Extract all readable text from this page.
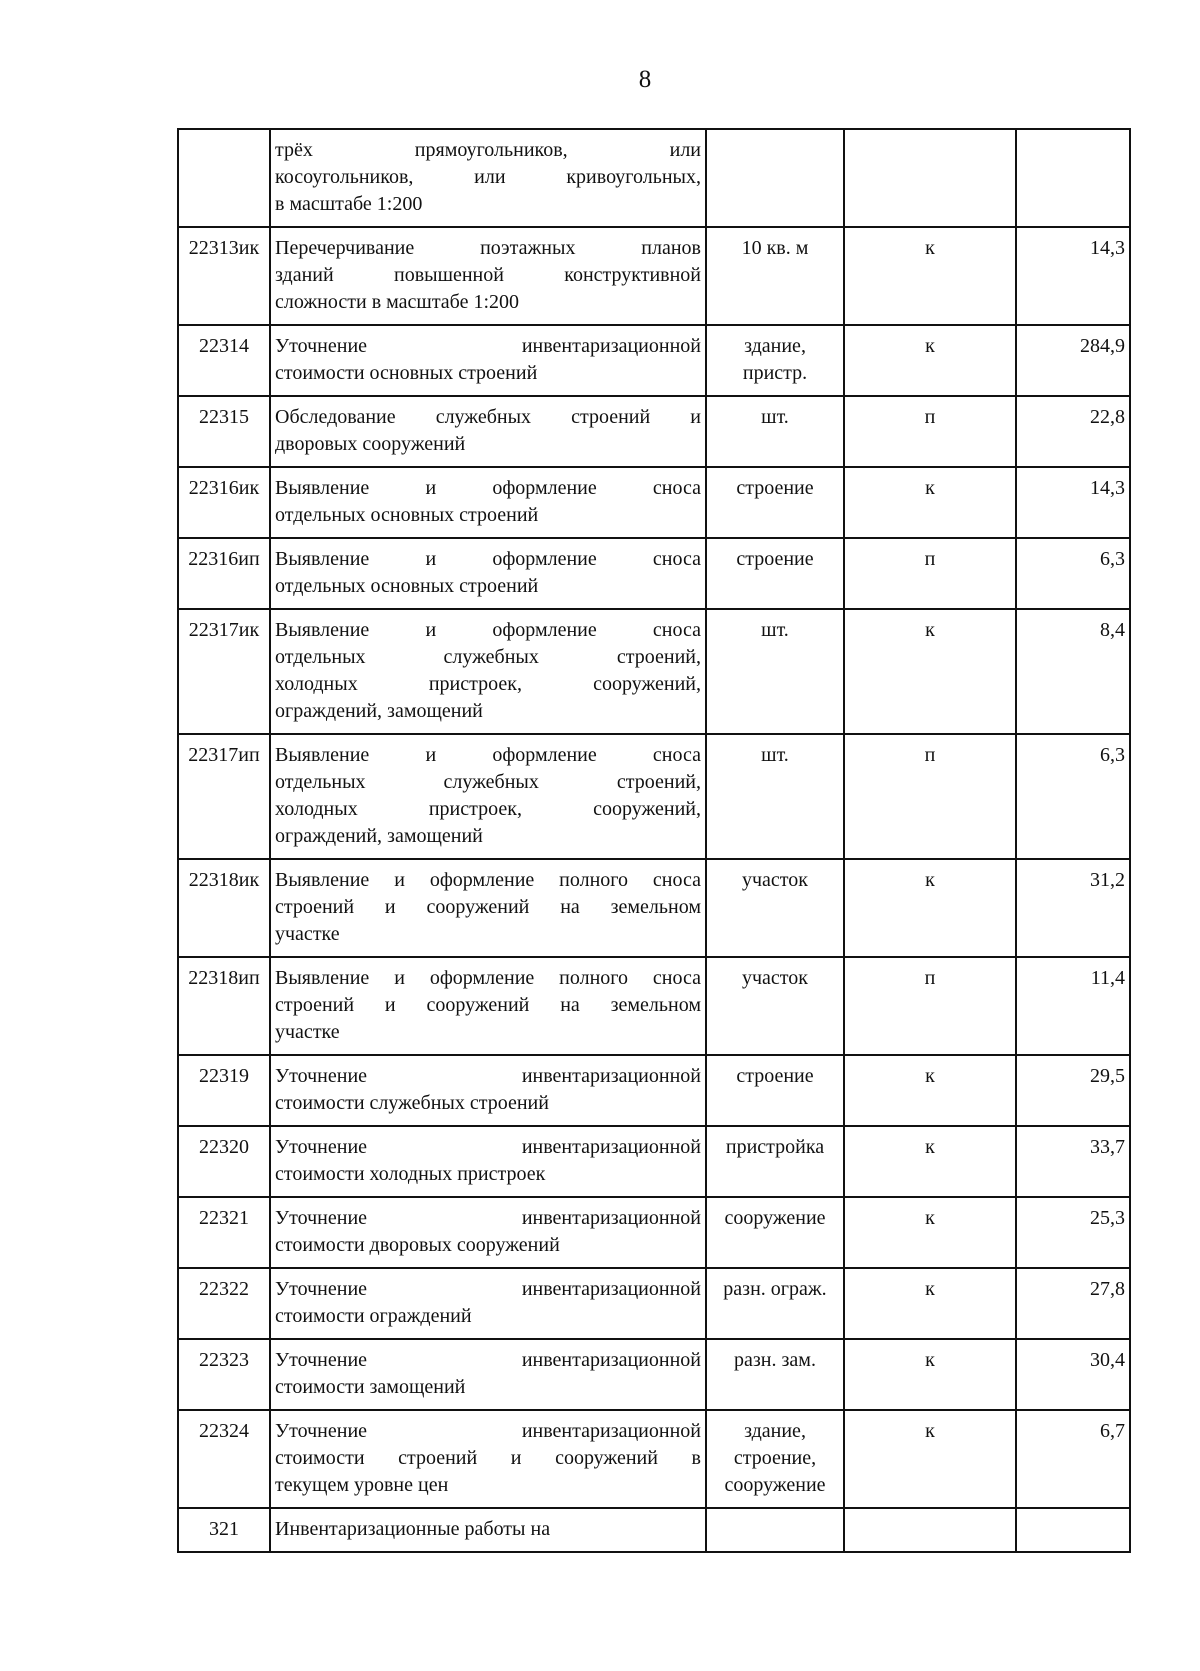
8

	трёх прямоугольников, или
косоугольников, или кривоугольных,
в масштабе 1:200			

22313ик	Перечерчивание поэтажных планов
зданий повышенной конструктивной
сложности в масштабе 1:200	10 кв. м	к	14,3
22314	Уточнение инвентаризационной
стоимости основных строений	здание,
пристр.	к	284,9
22315	Обследование служебных строений и
дворовых сооружений	шт.	п	22,8
22316ик	Выявление и оформление сноса
отдельных основных строений	строение	к	14,3
22316ип	Выявление и оформление сноса
отдельных основных строений	строение	п	6,3
22317ик	Выявление и оформление сноса
отдельных служебных строений,
холодных пристроек, сооружений,
ограждений, замощений	шт.	к	8,4
22317ип	Выявление и оформление сноса
отдельных служебных строений,
холодных пристроек, сооружений,
ограждений, замощений	шт.	п	6,3
22318ик	Выявление и оформление полного сноса
строений и сооружений на земельном
участке	участок	к	31,2
22318ип	Выявление и оформление полного сноса
строений и сооружений на земельном
участке	участок	п	11,4
22319	Уточнение инвентаризационной
стоимости служебных строений	строение	к	29,5
22320	Уточнение инвентаризационной
стоимости холодных пристроек	пристройка	к	33,7
22321	Уточнение инвентаризационной
стоимости дворовых сооружений	сооружение	к	25,3
22322	Уточнение инвентаризационной
стоимости ограждений	разн. ограж.	к	27,8
22323	Уточнение инвентаризационной
стоимости замощений	разн. зам.	к	30,4
22324	Уточнение инвентаризационной
стоимости строений и сооружений в
текущем уровне цен	здание,
строение,
сооружение	к	6,7
321	Инвентаризационные работы на			
